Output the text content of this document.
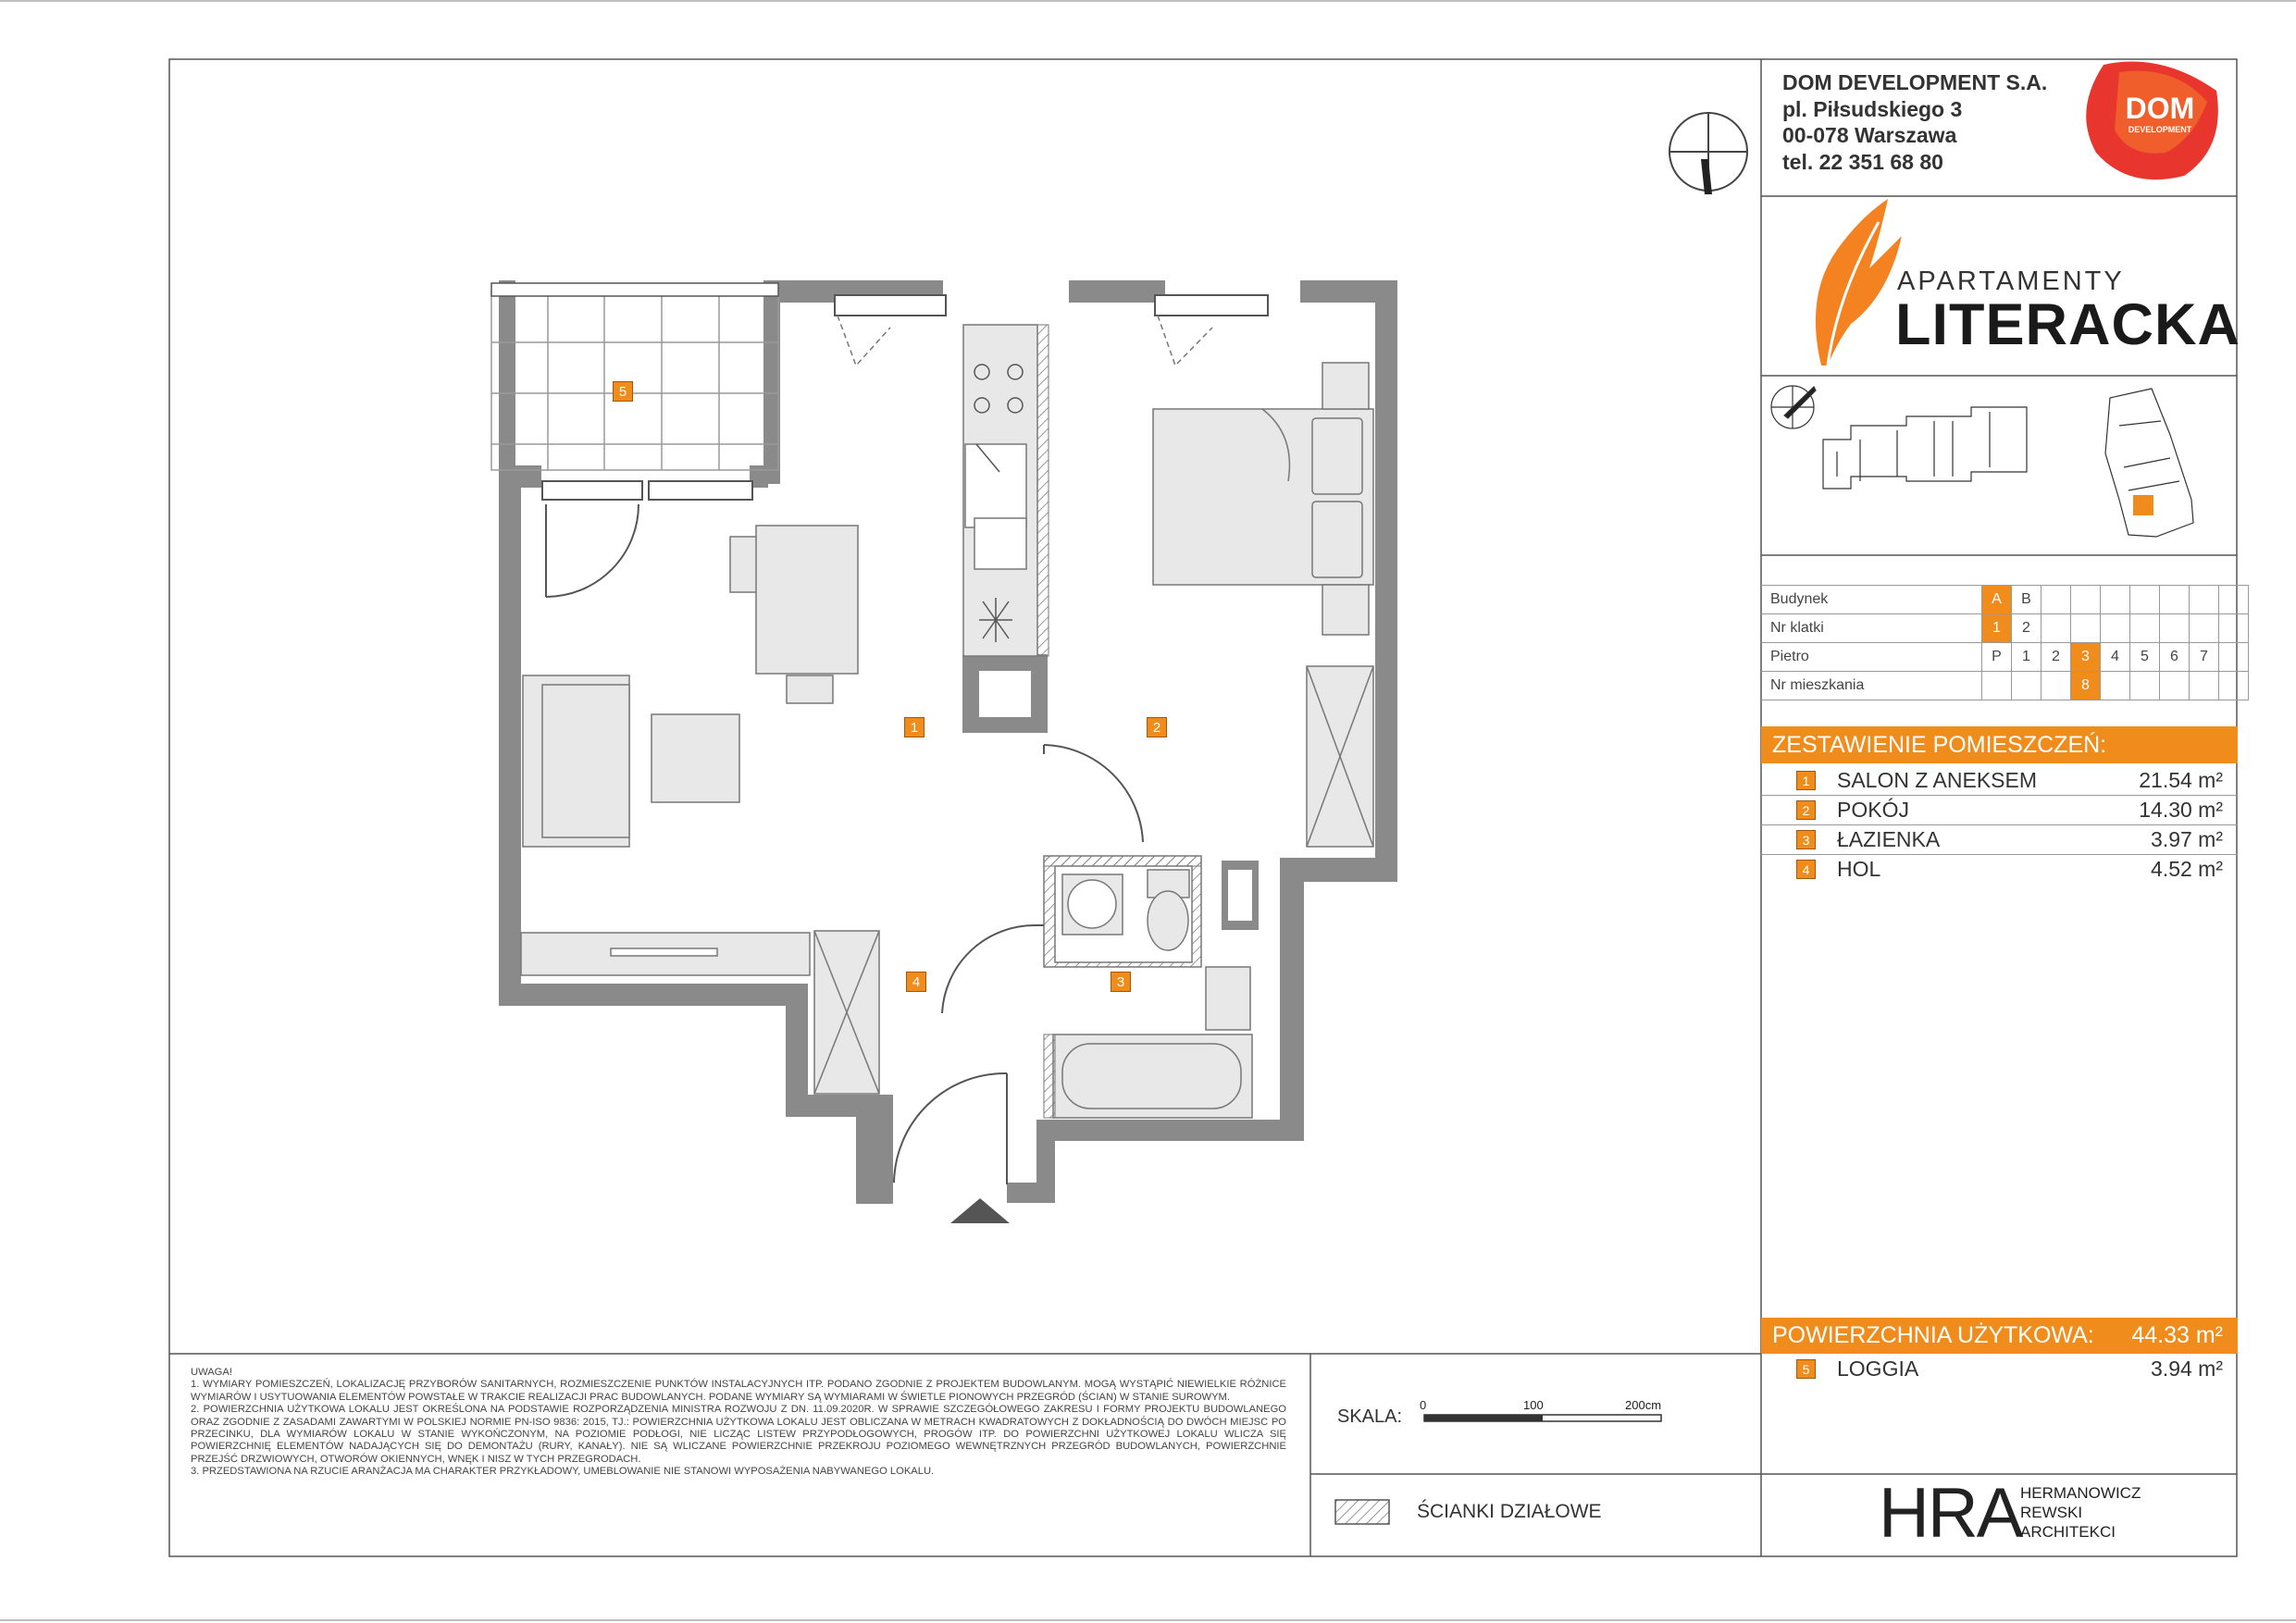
DOM DEVELOPMENT S.A.
pl. Piłsudskiego 3
00-078 Warszawa
tel. 22 351 68 80
DOM
DEVELOPMENT
APARTAMENTY
LITERACKA
Budynek	A	B							
Nr klatki	1	2							
Pietro	P	1	2	3	4	5	6	7	
Nr mieszkania				8					
ZESTAWIENIE POMIESZCZEŃ:
1 SALON Z ANEKSEM	21.54 m²
2 POKÓJ	14.30 m²
3 ŁAZIENKA	3.97 m²
4 HOL	4.52 m²
POWIERZCHNIA UŻYTKOWA: 44.33 m²
5 LOGGIA	3.94 m²
1	2
3
4
5

UWAGA!

1. WYMIARY POMIESZCZEŃ, LOKALIZACJĘ PRZYBORÓW SANITARNYCH, ROZMIESZCZENIE PUNKTÓW INSTALACYJNYCH ITP. PODANO ZGODNIE Z PROJEKTEM BUDOWLANYM. MOGĄ WYSTĄPIĆ NIEWIELKIE RÓŻNICE WYMIARÓW I USYTUOWANIA ELEMENTÓW POWSTAŁE W TRAKCIE REALIZACJI PRAC BUDOWLANYCH. PODANE WYMIARY SĄ WYMIARAMI W ŚWIETLE PIONOWYCH PRZEGRÓD (ŚCIAN) W STANIE SUROWYM.

2. POWIERZCHNIA UŻYTKOWA LOKALU JEST OKREŚLONA NA PODSTAWIE ROZPORZĄDZENIA MINISTRA ROZWOJU Z DN. 11.09.2020R. W SPRAWIE SZCZEGÓŁOWEGO ZAKRESU I FORMY PROJEKTU BUDOWLANEGO ORAZ ZGODNIE Z ZASADAMI ZAWARTYMI W POLSKIEJ NORMIE PN-ISO 9836: 2015, TJ.: POWIERZCHNIA UŻYTKOWA LOKALU JEST OBLICZANA W METRACH KWADRATOWYCH Z DOKŁADNOŚCIĄ DO DWÓCH MIEJSC PO PRZECINKU, DLA WYMIARÓW LOKALU W STANIE WYKOŃCZONYM, NA POZIOMIE PODŁOGI, NIE LICZĄC LISTEW PRZYPODŁOGOWYCH, PROGÓW ITP. DO POWIERZCHNI UŻYTKOWEJ LOKALU WLICZA SIĘ POWIERZCHNIĘ ELEMENTÓW NADAJĄCYCH SIĘ DO DEMONTAŻU (RURY, KANAŁY). NIE SĄ WLICZANE POWIERZCHNIE PRZEKROJU POZIOMEGO WEWNĘTRZNYCH PRZEGRÓD BUDOWLANYCH, POWIERZCHNIE PRZEJŚĆ DRZWIOWYCH, OTWORÓW OKIENNYCH, WNĘK I NISZ W TYCH PRZEGRODACH.

3. PRZEDSTAWIONA NA RZUCIE ARANŻACJA MA CHARAKTER PRZYKŁADOWY, UMEBLOWANIE NIE STANOWI WYPOSAŻENIA NABYWANEGO LOKALU.

SKALA:
0	100	200cm
ŚCIANKI DZIAŁOWE	HRA
HERMANOWICZ
REWSKI
ARCHITEKCI
